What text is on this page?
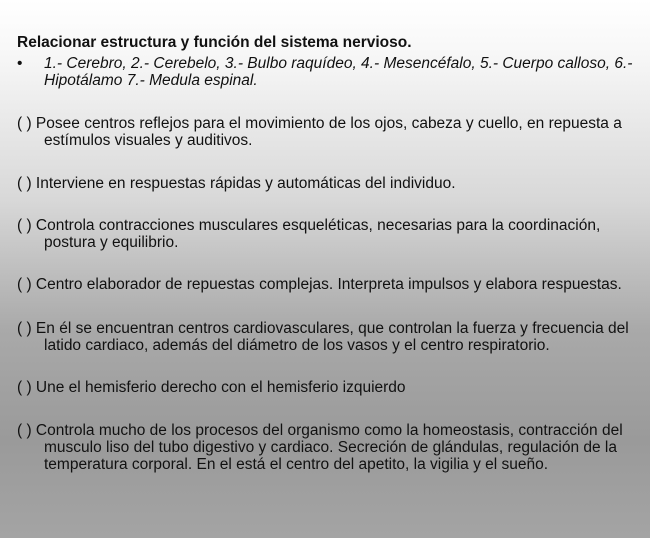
Relacionar estructura y función del sistema nervioso.

•	1.- Cerebro, 2.- Cerebelo, 3.- Bulbo raquídeo, 4.- Mesencéfalo, 5.- Cuerpo calloso, 6.- Hipotálamo 7.- Medula espinal.

( ) Posee centros reflejos para el movimiento de los ojos, cabeza y cuello, en repuesta a estímulos visuales y auditivos.

( ) Interviene en respuestas rápidas y automáticas del individuo.

( ) Controla contracciones musculares esqueléticas, necesarias para la coordinación, postura y equilibrio.

( ) Centro elaborador de repuestas complejas. Interpreta impulsos y elabora respuestas.

( ) En él se encuentran centros cardiovasculares, que controlan la fuerza y frecuencia del latido cardiaco, además del diámetro de los vasos y el centro respiratorio.

( ) Une el hemisferio derecho con el hemisferio izquierdo

( ) Controla mucho de los procesos del organismo como la homeostasis, contracción del musculo liso del tubo digestivo y cardiaco. Secreción de glándulas, regulación de la temperatura corporal. En el está el centro del apetito, la vigilia y el sueño.
